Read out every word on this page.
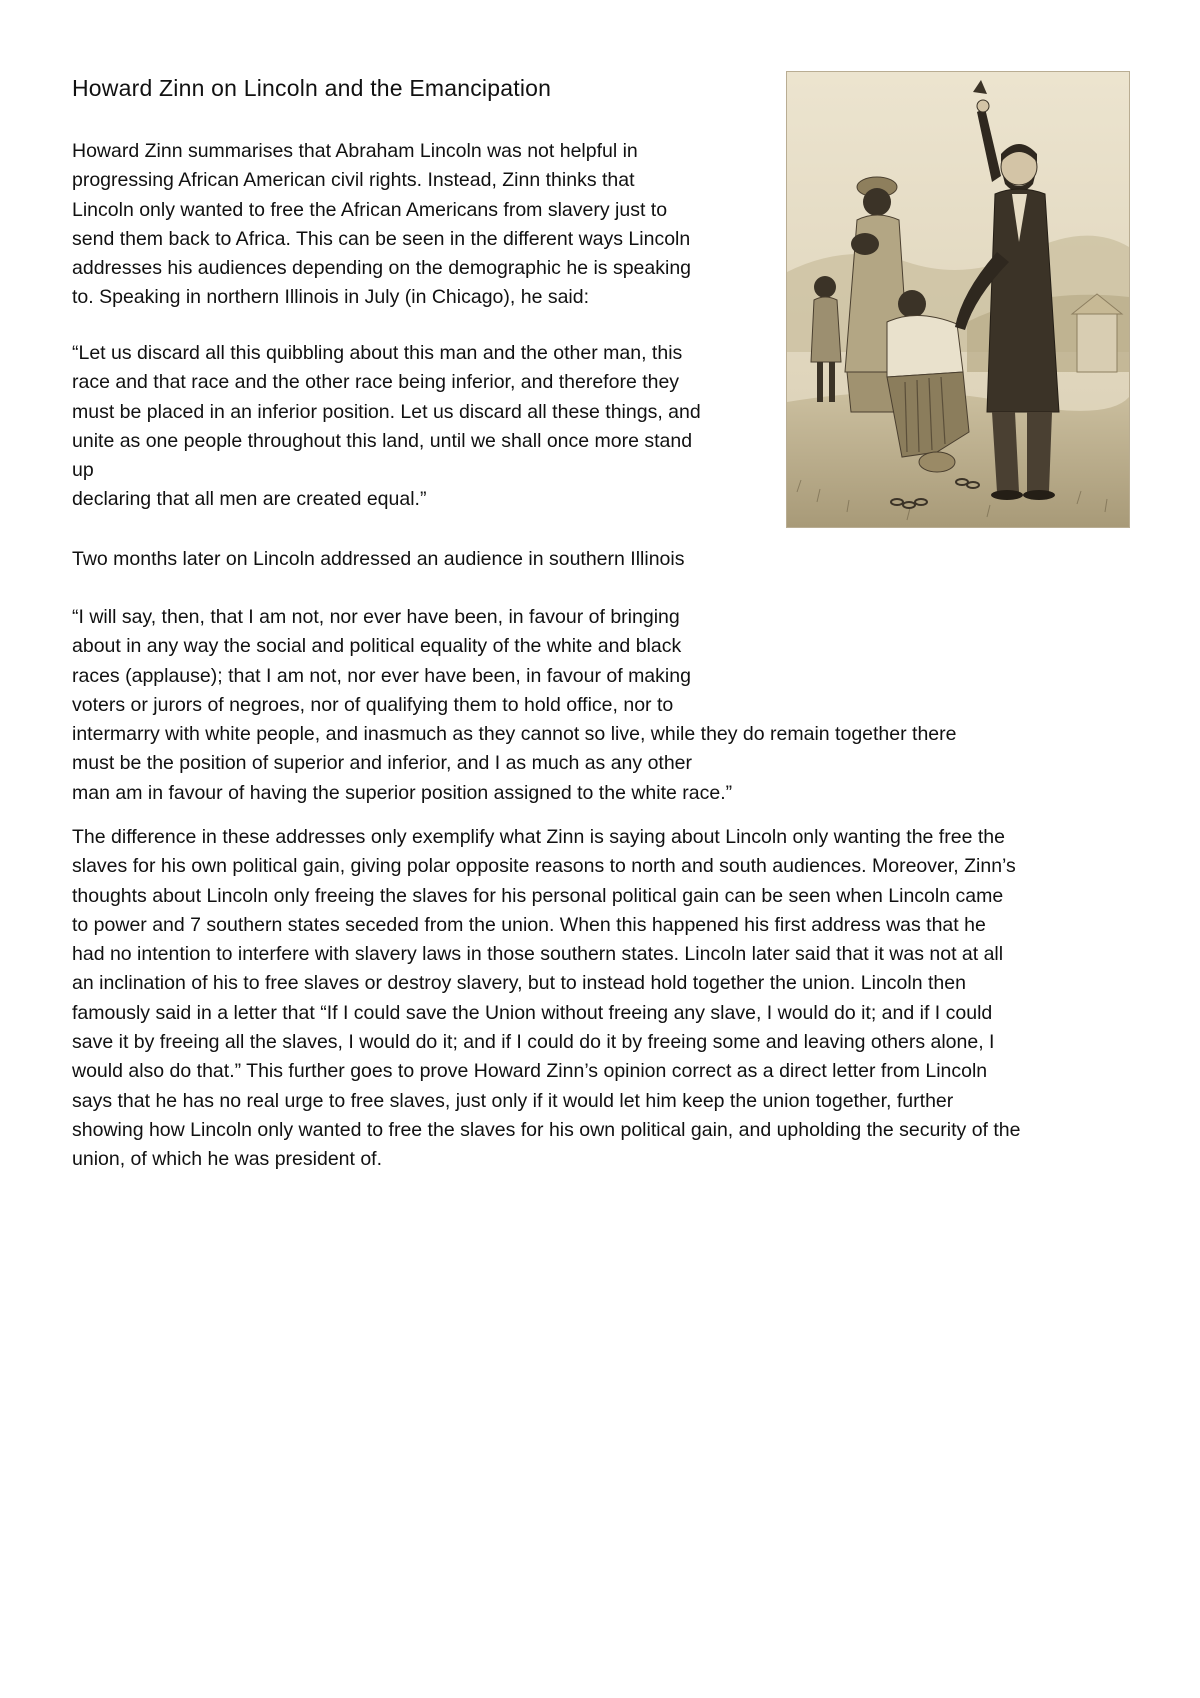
Howard Zinn on Lincoln and the Emancipation
Howard Zinn summarises that Abraham Lincoln was not helpful in
progressing African American civil rights. Instead, Zinn thinks that
Lincoln only wanted to free the African Americans from slavery just to
send them back to Africa. This can be seen in the different ways Lincoln
addresses his audiences depending on the demographic he is speaking
to. Speaking in northern Illinois in July (in Chicago), he said:
“Let us discard all this quibbling about this man and the other man, this
race and that race and the other race being inferior, and therefore they
must be placed in an inferior position. Let us discard all these things, and
unite as one people throughout this land, until we shall once more stand
up
declaring that all men are created equal.”

Two months later on Lincoln addressed an audience in southern Illinois

“I will say, then, that I am not, nor ever have been, in favour of bringing
about in any way the social and political equality of the white and black
races (applause); that I am not, nor ever have been, in favour of making
voters or jurors of negroes, nor of qualifying them to hold office, nor to
intermarry with white people, and inasmuch as they cannot so live, while they do remain together there
must be the position of superior and inferior, and I as much as any other
man am in favour of having the superior position assigned to the white race.”
The difference in these addresses only exemplify what Zinn is saying about Lincoln only wanting the free the
slaves for his own political gain, giving polar opposite reasons to north and south audiences. Moreover, Zinn’s
thoughts about Lincoln only freeing the slaves for his personal political gain can be seen when Lincoln came
to power and 7 southern states seceded from the union. When this happened his first address was that he
had no intention to interfere with slavery laws in those southern states. Lincoln later said that it was not at all
an inclination of his to free slaves or destroy slavery, but to instead hold together the union. Lincoln then
famously said in a letter that “If I could save the Union without freeing any slave, I would do it; and if I could
save it by freeing all the slaves, I would do it; and if I could do it by freeing some and leaving others alone, I
would also do that.” This further goes to prove Howard Zinn’s opinion correct as a direct letter from Lincoln
says that he has no real urge to free slaves, just only if it would let him keep the union together, further
showing how Lincoln only wanted to free the slaves for his own political gain, and upholding the security of the
union, of which he was president of.
